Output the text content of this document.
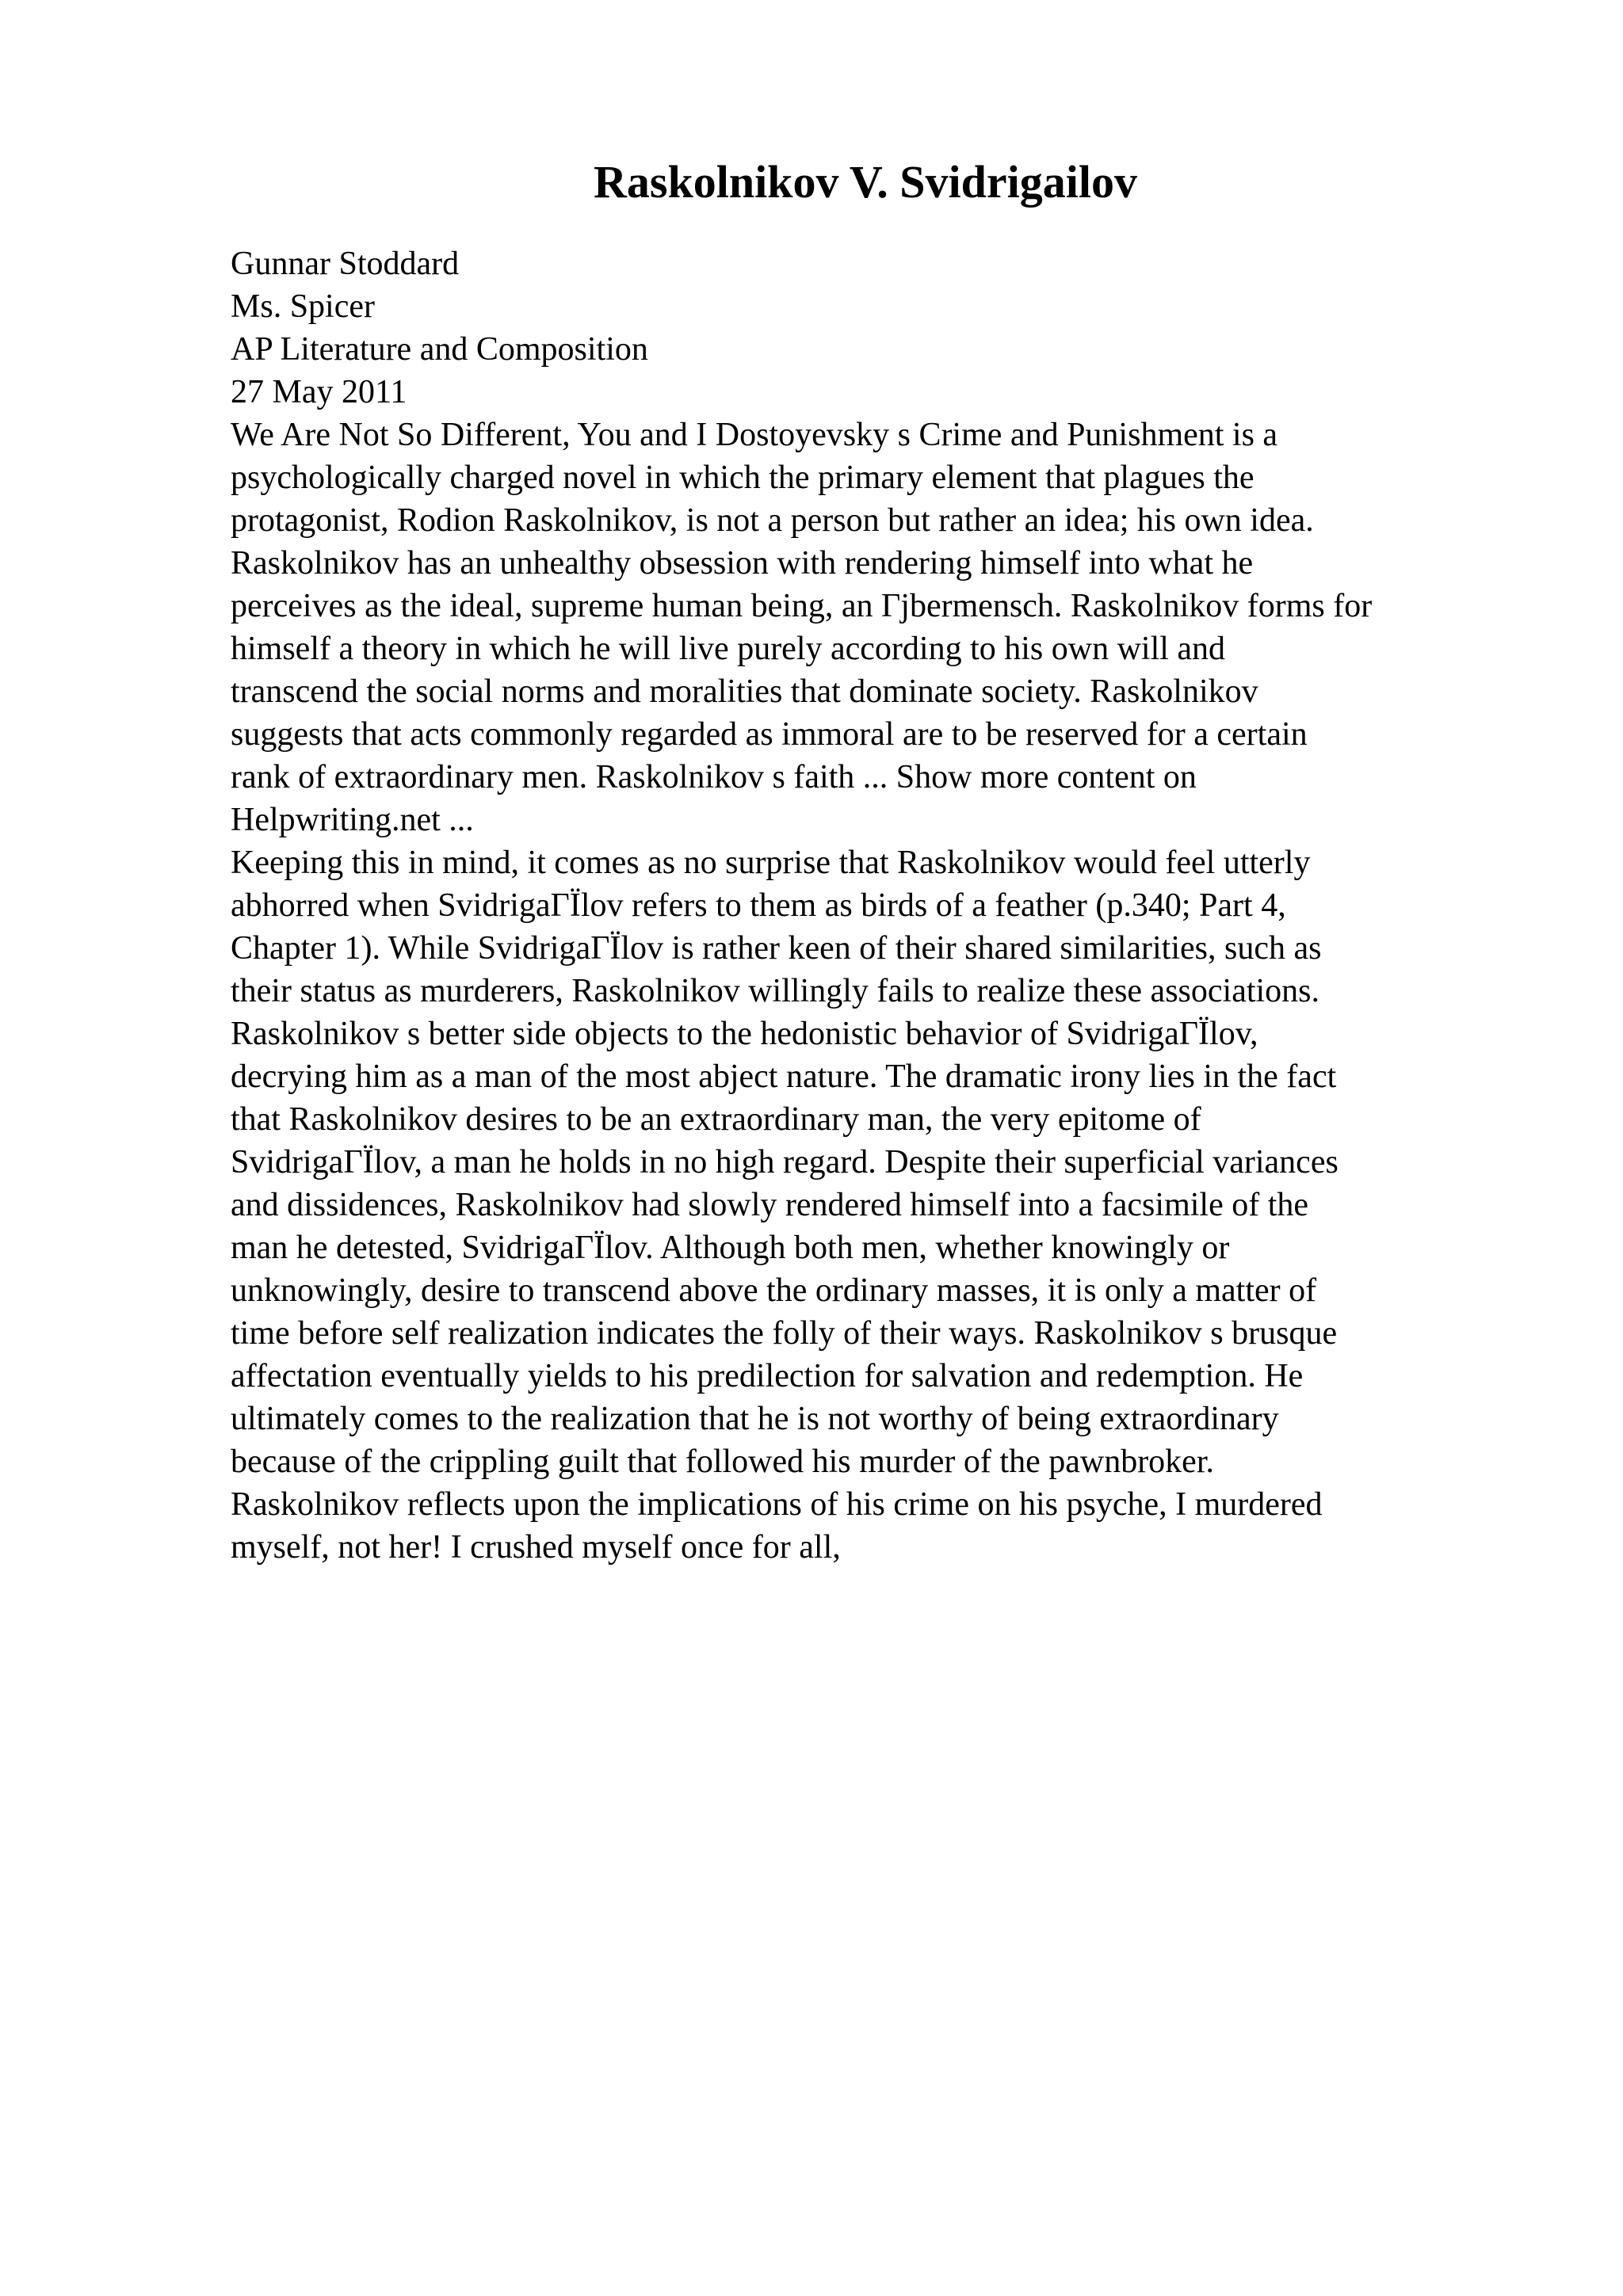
Raskolnikov V. Svidrigailov
Gunnar Stoddard
Ms. Spicer
AP Literature and Composition
27 May 2011
We Are Not So Different, You and I Dostoyevsky s Crime and Punishment is a
psychologically charged novel in which the primary element that plagues the
protagonist, Rodion Raskolnikov, is not a person but rather an idea; his own idea.
Raskolnikov has an unhealthy obsession with rendering himself into what he
perceives as the ideal, supreme human being, an Гjbermensch. Raskolnikov forms for
himself a theory in which he will live purely according to his own will and
transcend the social norms and moralities that dominate society. Raskolnikov
suggests that acts commonly regarded as immoral are to be reserved for a certain
rank of extraordinary men. Raskolnikov s faith ... Show more content on
Helpwriting.net ...
Keeping this in mind, it comes as no surprise that Raskolnikov would feel utterly
abhorred when SvidrigaГЇlov refers to them as birds of a feather (p.340; Part 4,
Chapter 1). While SvidrigaГЇlov is rather keen of their shared similarities, such as
their status as murderers, Raskolnikov willingly fails to realize these associations.
Raskolnikov s better side objects to the hedonistic behavior of SvidrigaГЇlov,
decrying him as a man of the most abject nature. The dramatic irony lies in the fact
that Raskolnikov desires to be an extraordinary man, the very epitome of
SvidrigaГЇlov, a man he holds in no high regard. Despite their superficial variances
and dissidences, Raskolnikov had slowly rendered himself into a facsimile of the
man he detested, SvidrigaГЇlov. Although both men, whether knowingly or
unknowingly, desire to transcend above the ordinary masses, it is only a matter of
time before self realization indicates the folly of their ways. Raskolnikov s brusque
affectation eventually yields to his predilection for salvation and redemption. He
ultimately comes to the realization that he is not worthy of being extraordinary
because of the crippling guilt that followed his murder of the pawnbroker.
Raskolnikov reflects upon the implications of his crime on his psyche, I murdered
myself, not her! I crushed myself once for all,
